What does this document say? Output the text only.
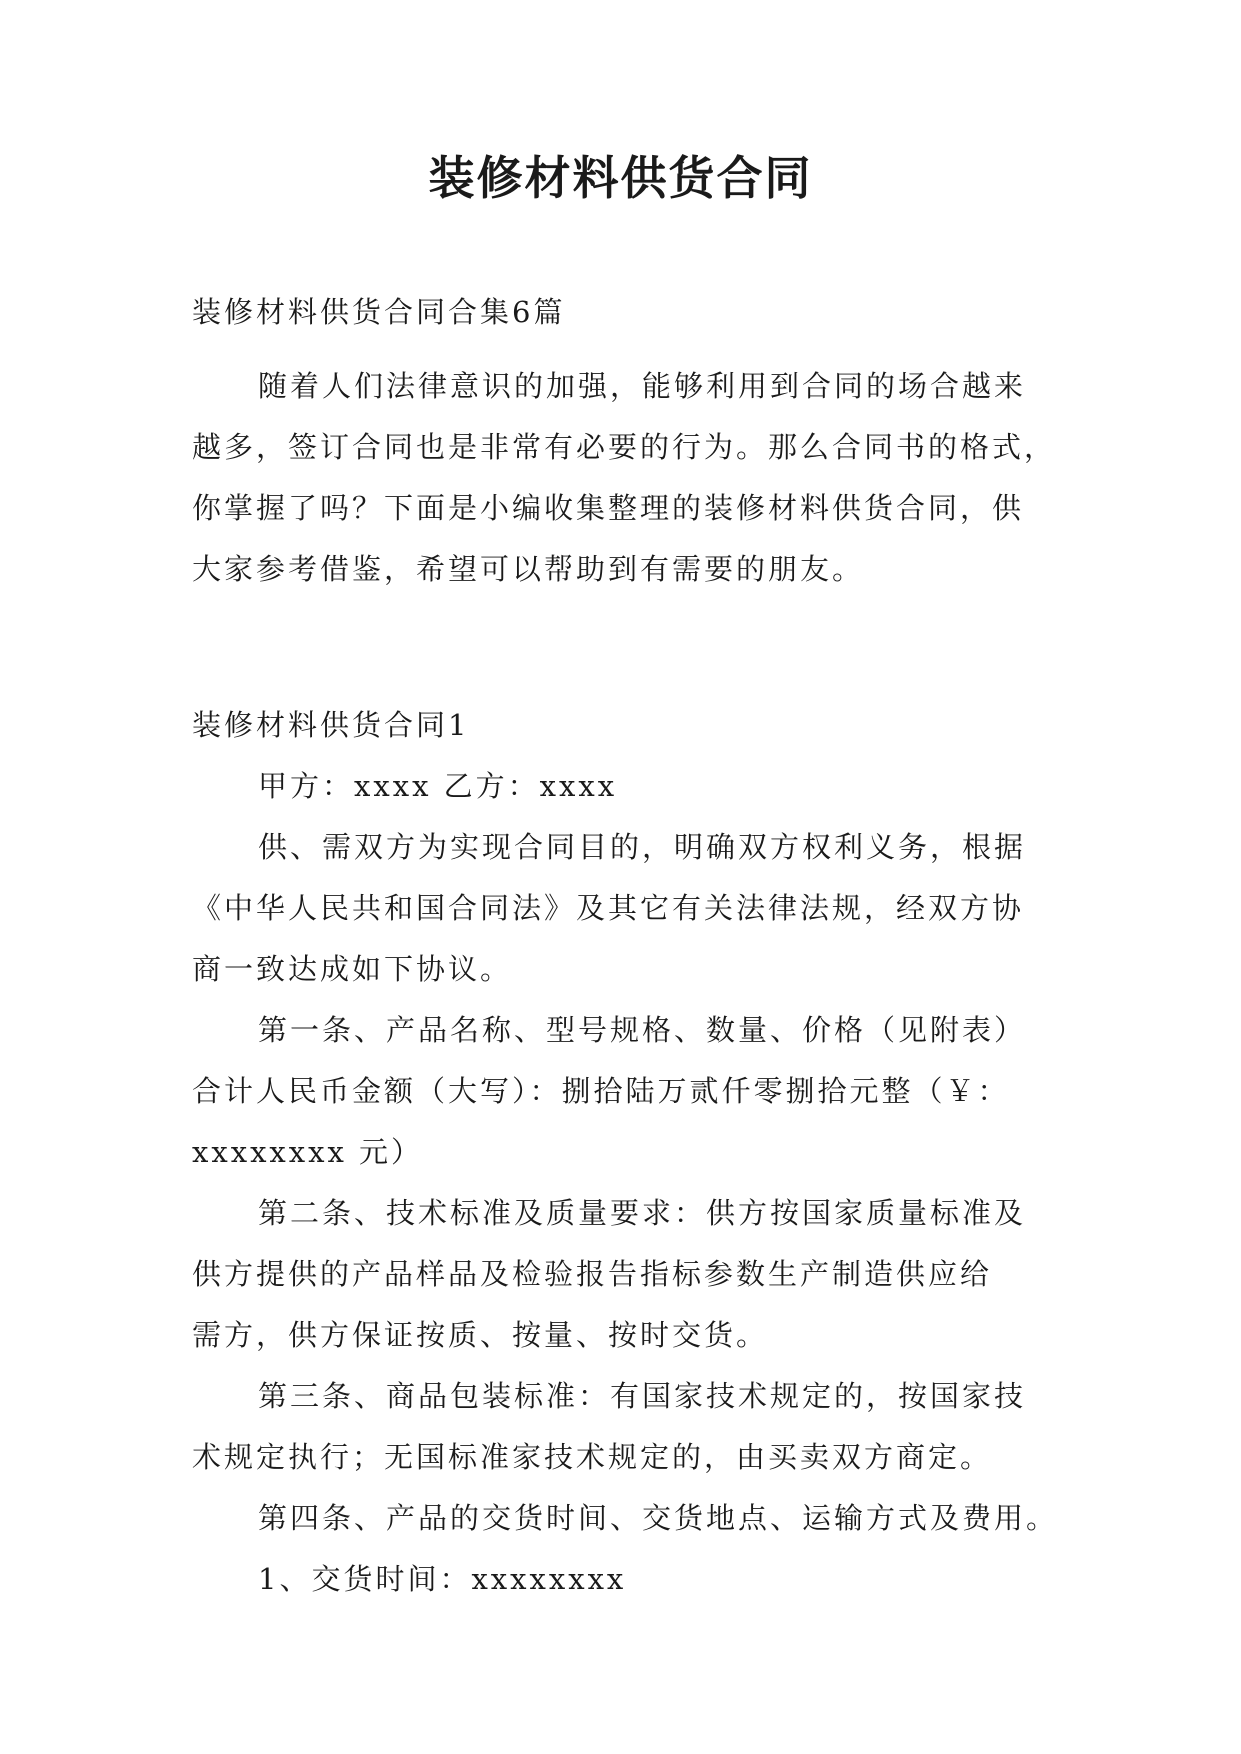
装修材料供货合同
装修材料供货合同合集6篇
随着人们法律意识的加强，能够利用到合同的场合越来
越多，签订合同也是非常有必要的行为。那么合同书的格式，
你掌握了吗？下面是小编收集整理的装修材料供货合同，供
大家参考借鉴，希望可以帮助到有需要的朋友。
装修材料供货合同1
甲方：xxxx 乙方：xxxx
供、需双方为实现合同目的，明确双方权利义务，根据
《中华人民共和国合同法》及其它有关法律法规，经双方协
商一致达成如下协议。
第一条、产品名称、型号规格、数量、价格（见附表）
合计人民币金额（大写）：捌拾陆万贰仟零捌拾元整（￥：
xxxxxxxx 元）
第二条、技术标准及质量要求：供方按国家质量标准及
供方提供的产品样品及检验报告指标参数生产制造供应给
需方，供方保证按质、按量、按时交货。
第三条、商品包装标准：有国家技术规定的，按国家技
术规定执行；无国标准家技术规定的，由买卖双方商定。
第四条、产品的交货时间、交货地点、运输方式及费用。
1、交货时间：xxxxxxxx
